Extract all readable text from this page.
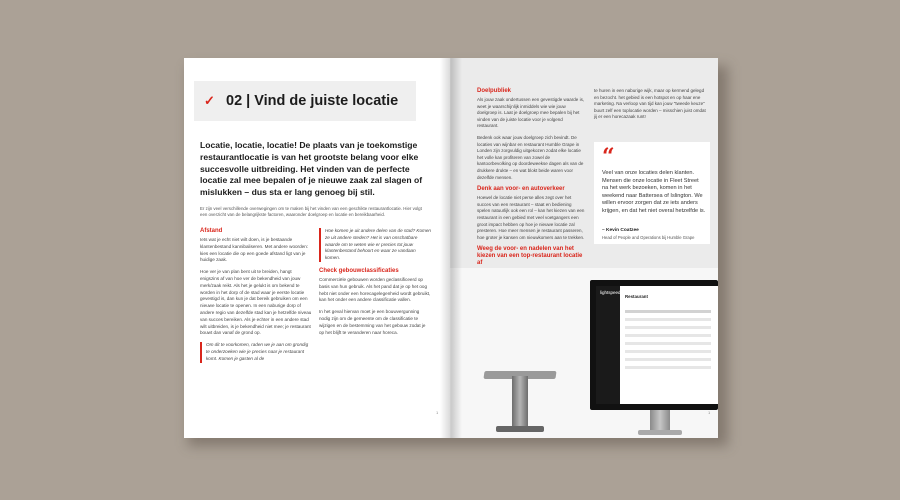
✓ 02 | Vind de juiste locatie
Locatie, locatie, locatie! De plaats van je toekomstige restaurantlocatie is van het grootste belang voor elke succesvolle uitbreiding. Het vinden van de perfecte locatie zal mee bepalen of je nieuwe zaak zal slagen of mislukken – dus sta er lang genoeg bij stil.
Er zijn veel verschillende overwegingen om te maken bij het vinden van een geschikte restaurantlocatie. Hier volgt een overzicht van de belangrijkste factoren, waaronder doelgroep en locatie en bereikbaarheid.
Afstand

Iets wat je echt niet wilt doen, is je bestaande klantenbestand kannibaliseren. Met andere woorden: kies een locatie die op een goede afstand ligt van je huidige zaak.

Hoe ver je van plan bent uit te breiden, hangt enigszins af van hoe ver de bekendheid van jouw merk/zaak reikt. Als het je gelukt is om bekend te worden in het dorp of de stad waar je eerste locatie gevestigd is, dan kun je dat bereik gebruiken om een nieuwe locatie te openen. In een naburige dorp of andere regio van dezelfde stad kan je hetzelfde niveau van succes bereiken. Als je echter in een andere stad wilt uitbreiden, is je bekendheid niet mee; je restaurant bouwt dan vanaf de grond op.

Om dit te voorkomen, raden we je aan om grondig te onderzoeken wie je precies naar je restaurant komt. Komen je gasten al de
Hoe komen je uit andere delen van de stad? Komen ze uit andere steden? Het is van onschatbare waarde om te weten wie er precies tot jouw klantenbestand behoort en waar ze vandaan komen.
Check gebouwclassificaties

Commerciële gebouwen worden geclassificeerd op basis van hun gebruik. Als het pand dat je op het oog hebt niet onder een horecagelegenheid wordt gebruikt, kan het onder een andere classificatie vallen.

In het geval hiervan moet je een bouwvergunning nodig zijn om de gemeente om de classificatie te wijzigen en de bestemming van het gebouw zodat je op het blijft te veranderen naar horeca.

1
Doelpubliek

Als jouw zaak ondertussen een gevestigde waarde is, weet je waarschijnlijk inmiddels wie wie jouw doelgroep is. Laat je doelgroep mee bepalen bij het vinden van de juiste locatie voor je volgend restaurant.

Bedenk ook waar jouw doelgroep zich bevindt. De locaties van wijnbar en restaurant Humble Grape in Londen zijn zorgvuldig uitgekozen zodat elke locatie het volle kan profiteren van zowel de kantoorbevolking op doordeweekse dagen als van de drukkere drukte – en wat blokt beide waren voor dezelfde mensen.

Denk aan voor- en autoverkeer

Hoewel de locatie niet perse alles zegt over het succes van een restaurant – staat en bediening spelen natuurlijk ook een rol – kan het kiezen van een restaurant in een gebied met veel voetgangers een groot impact hebben op hoe je nieuwe locatie zal presteren. Hoe meer mensen je restaurant passeren, hoe groter je kansen om nieuwkomers aan te trekken.

Weeg de voor- en nadelen van het kiezen van een top-restaurant locatie af

te huren in een naburige wijk, maar op kermend gelegd en bezocht. het gebied is een hotspot en op haar ene marketing. Na verloop van tijd kan jouw "tweede keuze" buurt zelf een toplocatie worden – misschien juist omdat jij er een horecazaak runt!

“
Veel van onze locaties delen klanten. Mensen die onze locatie in Fleet Street na het werk bezoeken, komen in het weekend naar Battersea of Islington. We willen ervoor zorgen dat ze iets anders krijgen, en dat het niet overal hetzelfde is.
– Kevin Coatzee
Head of People and Operations bij Humble Grape
lightspeed
Restaurant
1
